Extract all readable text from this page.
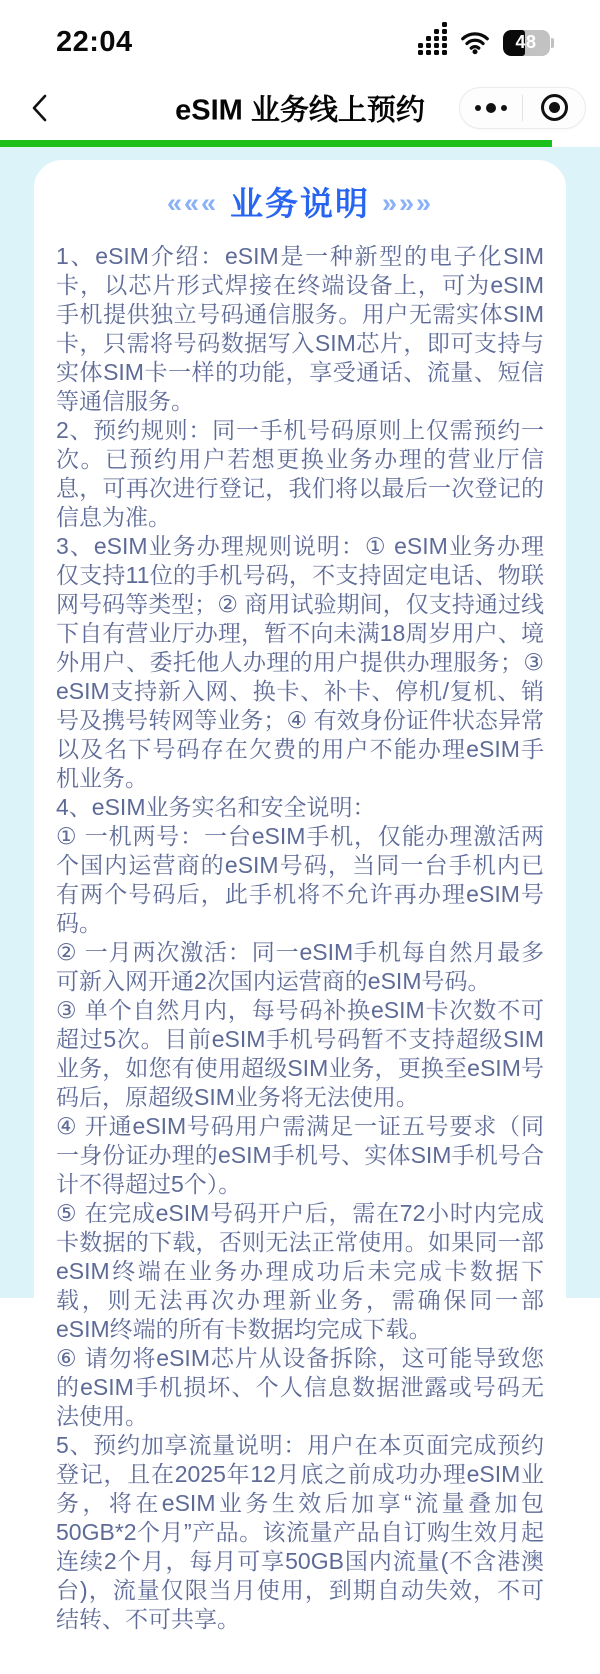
22:04	48
eSIM 业务线上预约
««« 业务说明 »»»

1、eSIM介绍：eSIM是一种新型的电子化SIM卡，以芯片形式焊接在终端设备上，可为eSIM手机提供独立号码通信服务。用户无需实体SIM卡，只需将号码数据写入SIM芯片，即可支持与实体SIM卡一样的功能，享受通话、流量、短信等通信服务。

2、预约规则：同一手机号码原则上仅需预约一次。已预约用户若想更换业务办理的营业厅信息，可再次进行登记，我们将以最后一次登记的信息为准。

3、eSIM业务办理规则说明：① eSIM业务办理仅支持11位的手机号码，不支持固定电话、物联网号码等类型；② 商用试验期间，仅支持通过线下自有营业厅办理，暂不向未满18周岁用户、境外用户、委托他人办理的用户提供办理服务；③ eSIM支持新入网、换卡、补卡、停机/复机、销号及携号转网等业务；④ 有效身份证件状态异常以及名下号码存在欠费的用户不能办理eSIM手机业务。

4、eSIM业务实名和安全说明：

① 一机两号：一台eSIM手机，仅能办理激活两个国内运营商的eSIM号码，当同一台手机内已有两个号码后，此手机将不允许再办理eSIM号码。

② 一月两次激活：同一eSIM手机每自然月最多可新入网开通2次国内运营商的eSIM号码。

③ 单个自然月内，每号码补换eSIM卡次数不可超过5次。目前eSIM手机号码暂不支持超级SIM业务，如您有使用超级SIM业务，更换至eSIM号码后，原超级SIM业务将无法使用。

④ 开通eSIM号码用户需满足一证五号要求（同一身份证办理的eSIM手机号、实体SIM手机号合计不得超过5个）。

⑤ 在完成eSIM号码开户后，需在72小时内完成卡数据的下载，否则无法正常使用。如果同一部eSIM终端在业务办理成功后未完成卡数据下载，则无法再次办理新业务，需确保同一部eSIM终端的所有卡数据均完成下载。

⑥ 请勿将eSIM芯片从设备拆除，这可能导致您的eSIM手机损坏、个人信息数据泄露或号码无法使用。

5、预约加享流量说明：用户在本页面完成预约登记，且在2025年12月底之前成功办理eSIM业务，将在eSIM业务生效后加享“流量叠加包50GB*2个月”产品。该流量产品自订购生效月起连续2个月，每月可享50GB国内流量(不含港澳台)，流量仅限当月使用，到期自动失效，不可结转、不可共享。
